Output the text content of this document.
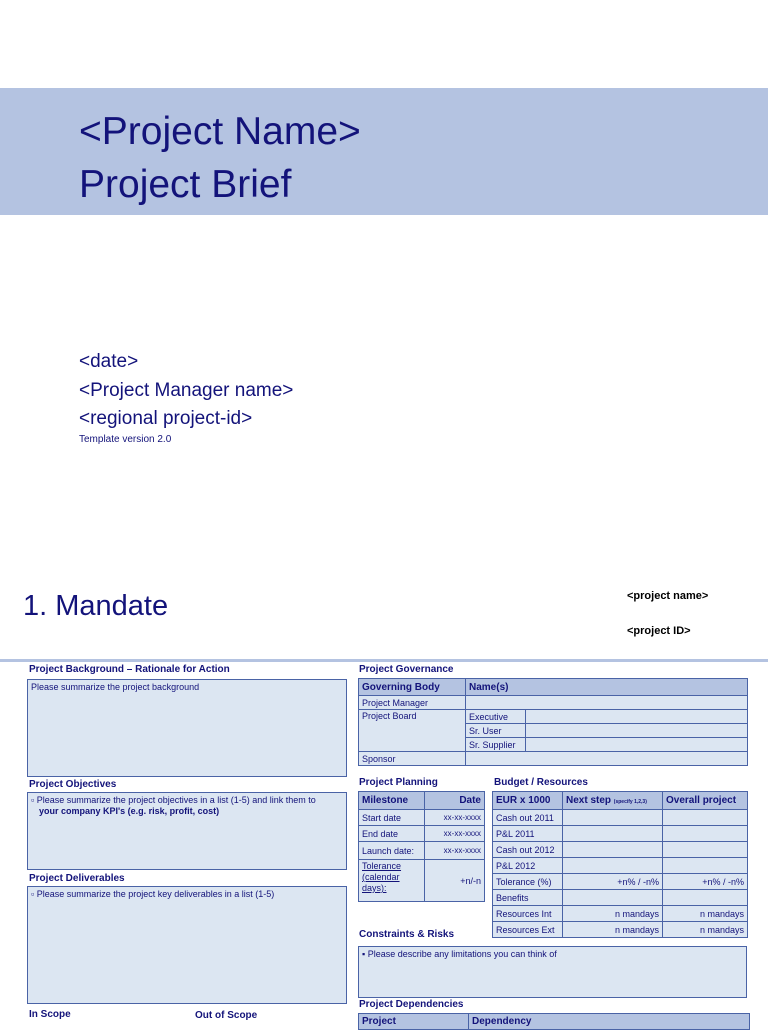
<Project Name>
Project Brief
<date>
<Project Manager name>
<regional project-id>
Template version 2.0
1. Mandate	<project name>
<project ID>
Project Background – Rationale for Action
Please summarize the project background
Project Objectives
▫ Please summarize the project objectives in a list (1-5) and link them to
your company KPI's (e.g. risk, profit, cost)
Project Deliverables
▫ Please summarize the project key deliverables in a list (1-5)
In Scope	Out of Scope
Project Governance
Governing Body	Name(s)	
Project Manager		
Project Board	Executive	
	Sr. User	
	Sr. Supplier	
Sponsor		
Project Planning
Milestone	Date
Start date	xx-xx-xxxx
End date	xx-xx-xxxx
Launch date:	xx-xx-xxxx
Tolerance (calendar days):	+n/-n
Budget / Resources
EUR x 1000	Next step (specify 1,2,3)	Overall project
Cash out 2011		
P&L 2011		
Cash out 2012		
P&L 2012		
Tolerance (%)	+n% / -n%	+n% / -n%
Benefits		
Resources Int	n mandays	n mandays
Resources Ext	n mandays	n mandays
Constraints & Risks
▪ Please describe any limitations you can think of
Project Dependencies
Project	Dependency
